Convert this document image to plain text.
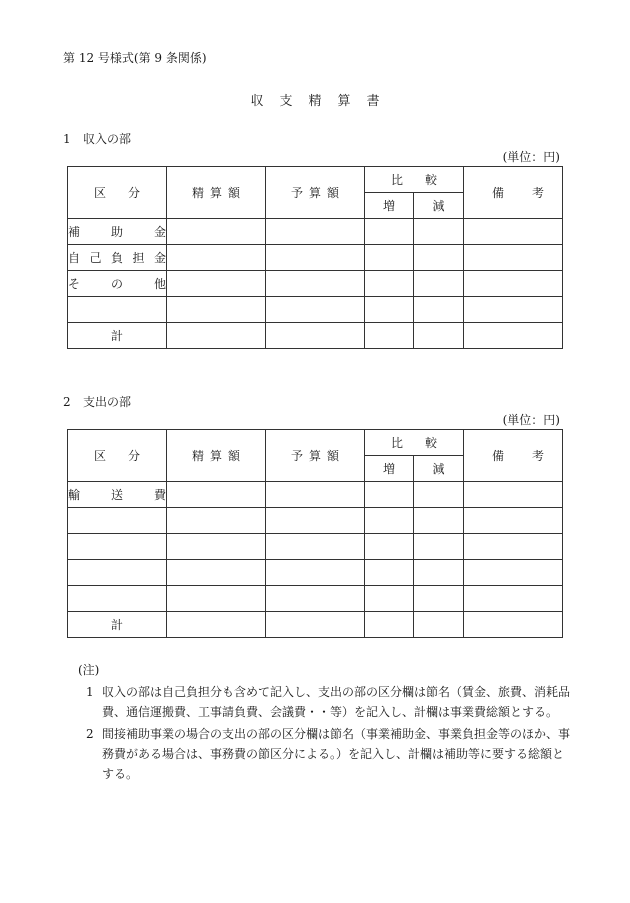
第 12 号様式(第 9 条関係)
収支精算書
1 収入の部
(単位：円)
区分	精算額	予算額	比較		備考
			増	減	
補助金					
自己負担金					
その他					

計					
2 支出の部
(単位：円)
区分	精算額	予算額	比較		備考
			増	減	
輸送費					

計					
(注)
1 収入の部は自己負担分も含めて記入し、支出の部の区分欄は節名（賃金、旅費、消耗品費、通信運搬費、工事請負費、会議費・・等）を記入し、計欄は事業費総額とする。
2 間接補助事業の場合の支出の部の区分欄は節名（事業補助金、事業負担金等のほか、事務費がある場合は、事務費の節区分による。）を記入し、計欄は補助等に要する総額とする。
